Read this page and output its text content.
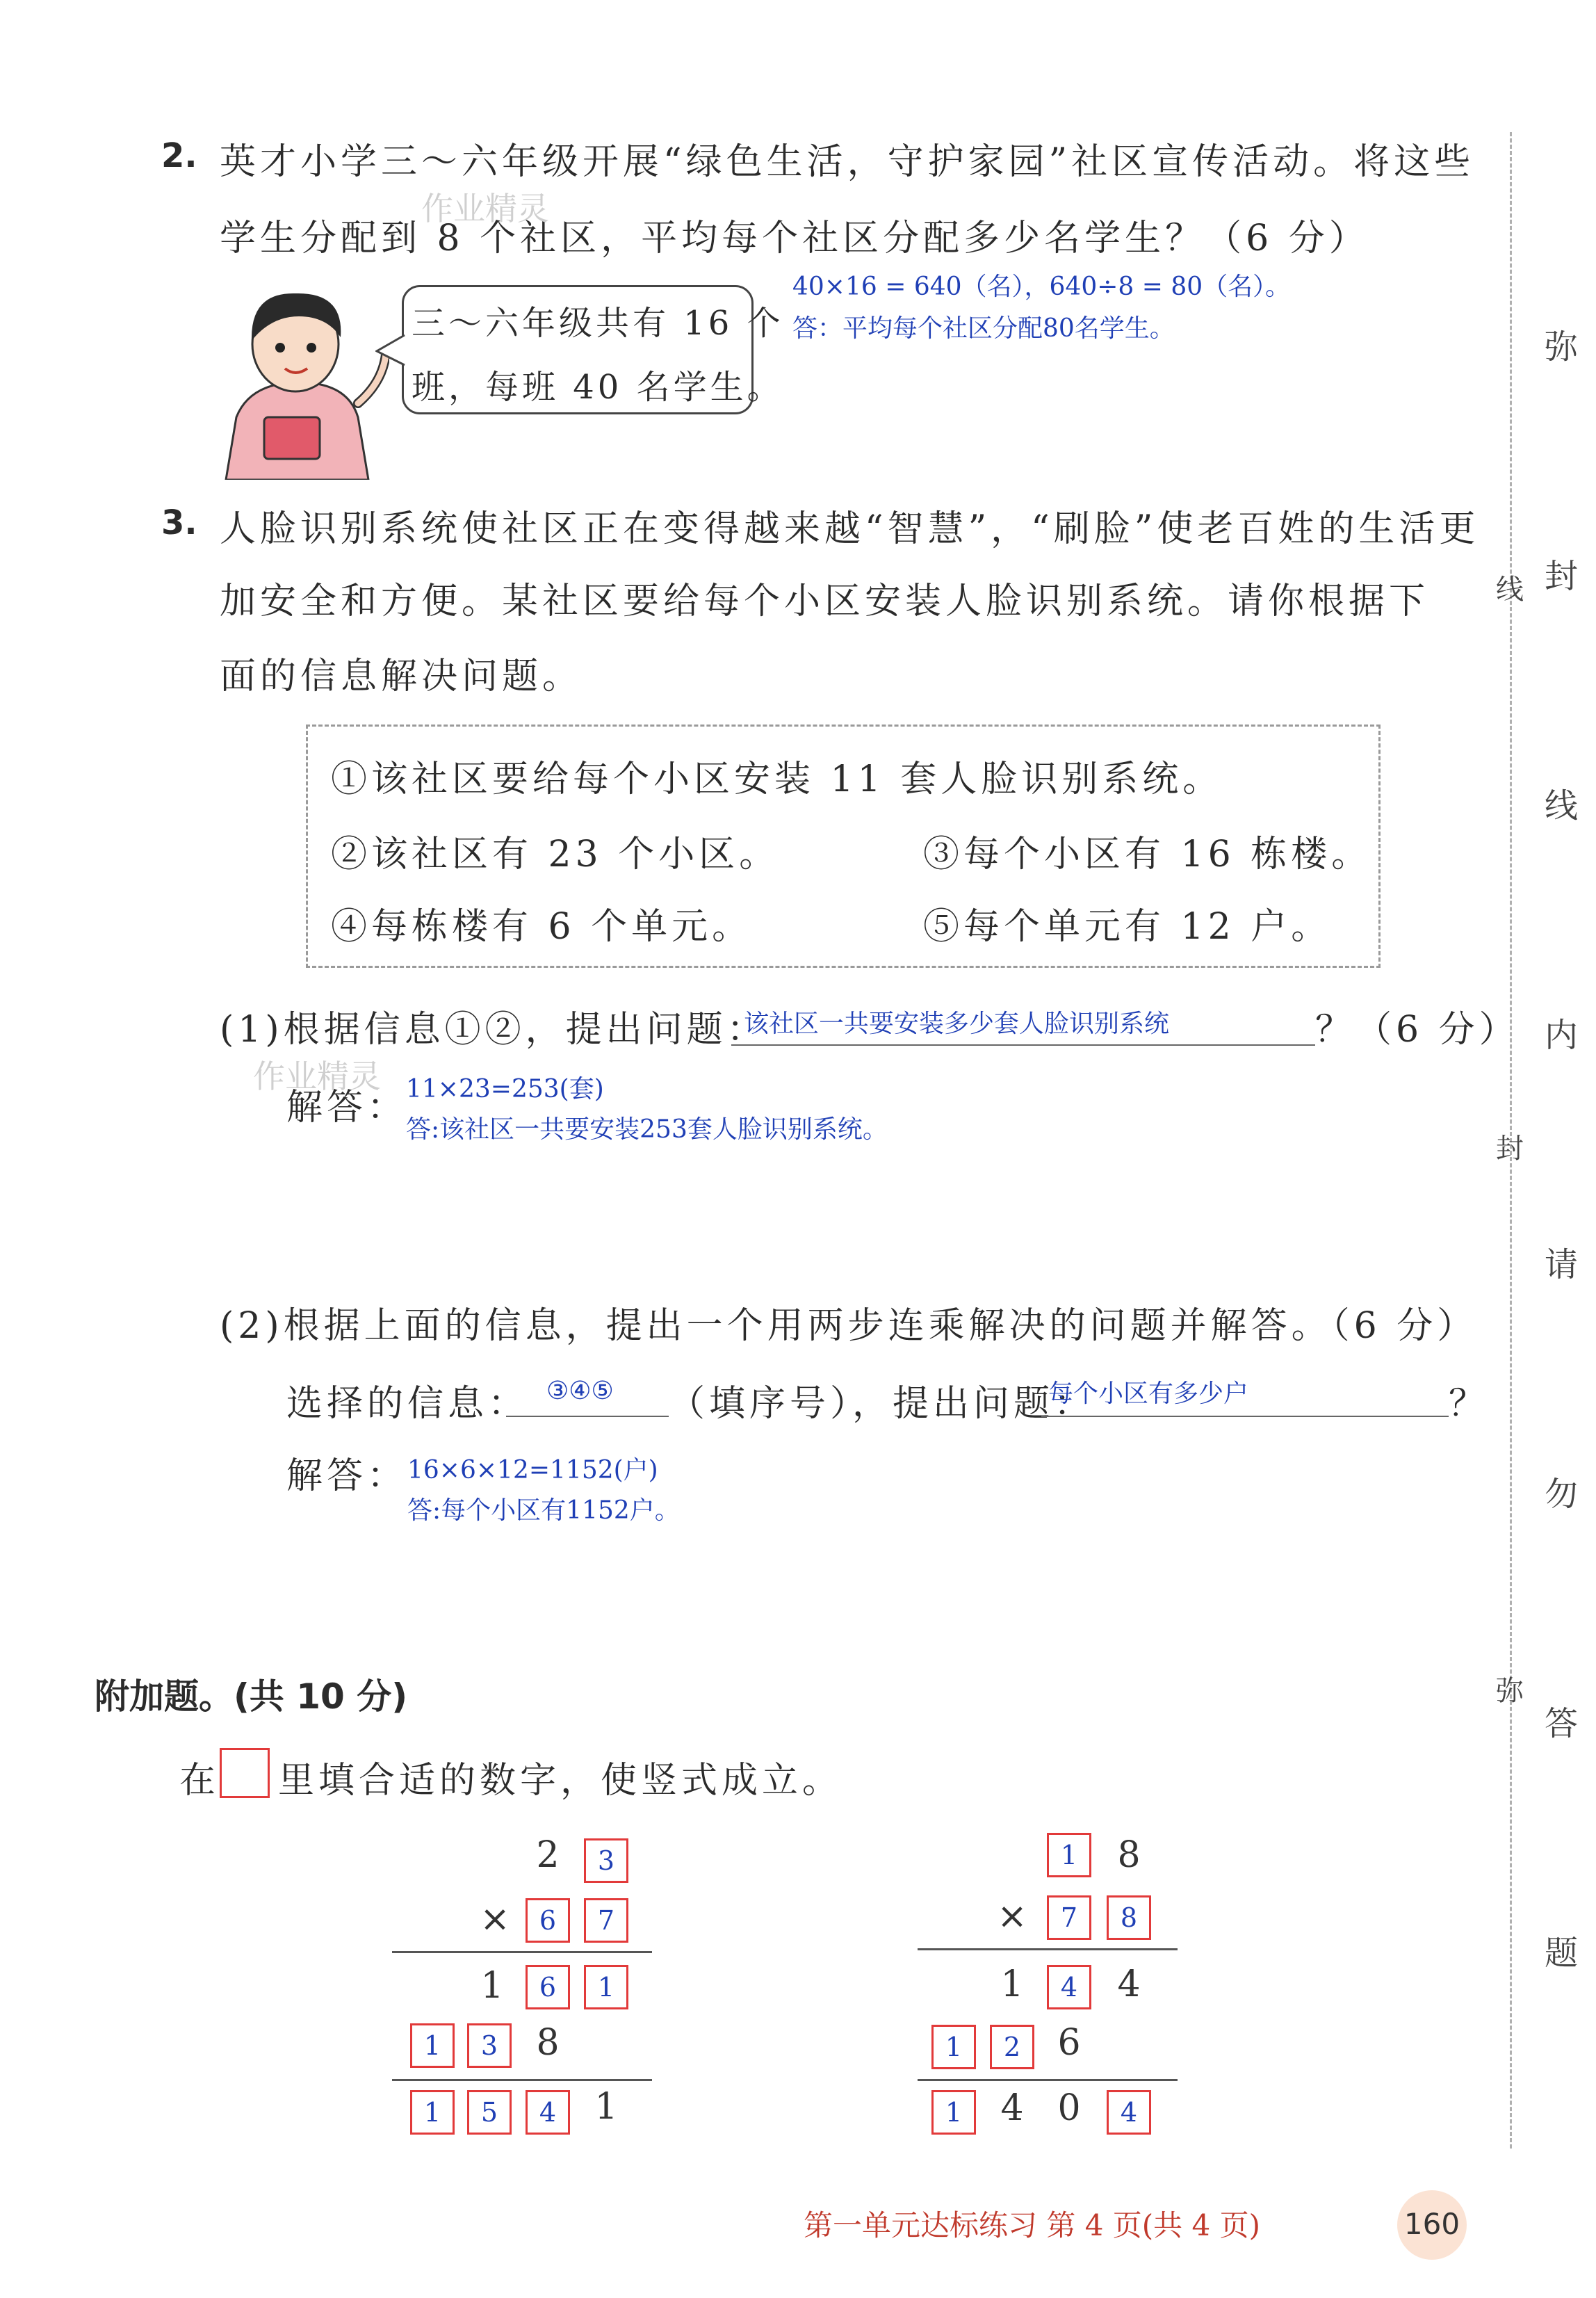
2. 英才小学三～六年级开展“绿色生活，守护家园”社区宣传活动。将这些
学生分配到 8 个社区，平均每个社区分配多少名学生？（6 分）
作业精灵
三～六年级共有 16 个
班，每班 40 名学生。
40×16 = 640（名），640÷8 = 80（名）。
答：平均每个社区分配80名学生。
3. 人脸识别系统使社区正在变得越来越“智慧”，“刷脸”使老百姓的生活更
加安全和方便。某社区要给每个小区安装人脸识别系统。请你根据下
面的信息解决问题。
①该社区要给每个小区安装 11 套人脸识别系统。
②该社区有 23 个小区。	③每个小区有 16 栋楼。
④每栋楼有 6 个单元。	⑤每个单元有 12 户。
(1)根据信息①②，提出问题：
该社区一共要安装多少套人脸识别系统	？（6 分）
作业精灵
解答：
11×23=253(套)
答:该社区一共要安装253套人脸识别系统。
(2)根据上面的信息，提出一个用两步连乘解决的问题并解答。（6 分）
选择的信息： ③④⑤ （填序号），提出问题：
每个小区有多少户	？
解答： 16×6×12=1152(户)
答:每个小区有1152户。
附加题。(共 10 分)
在 里填合适的数字，使竖式成立。
2	3
×	6	7
1	6	1
1	3	8
1	5	4	1
1	8
×	7	8
1	4	4
1	2	6
1	4 0	4
线
封
弥
弥
封
线
内
请
勿
答
题
第一单元达标练习 第 4 页(共 4 页)	160
